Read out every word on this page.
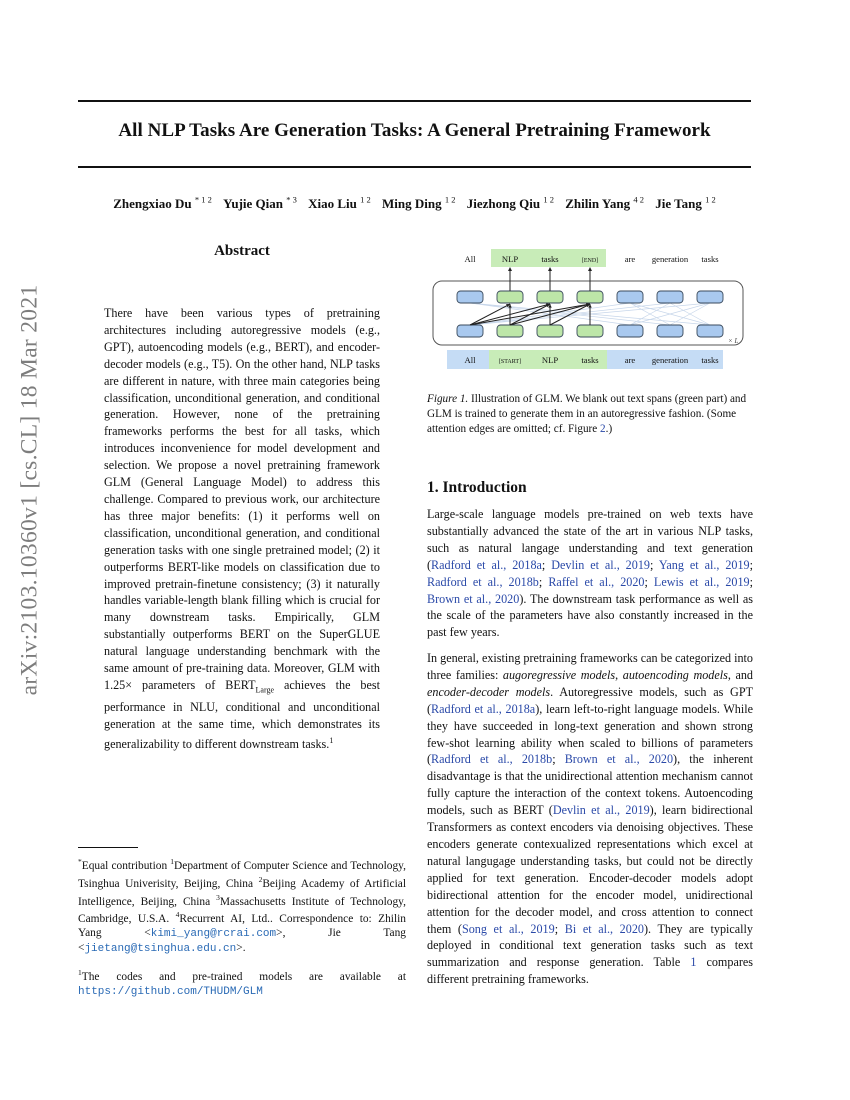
arXiv:2103.10360v1 [cs.CL] 18 Mar 2021
All NLP Tasks Are Generation Tasks: A General Pretraining Framework
Zhengxiao Du $^{* 1 2}$ Yujie Qian $^{* 3}$ Xiao Liu $^{1 2}$ Ming Ding $^{1 2}$ Jiezhong Qiu $^{1 2}$ Zhilin Yang $^{4 2}$ Jie Tang $^{1 2}$
Abstract
There have been various types of pretraining architectures including autoregressive models (e.g., GPT), autoencoding models (e.g., BERT), and encoder-decoder models (e.g., T5). On the other hand, NLP tasks are different in nature, with three main categories being classification, unconditional generation, and conditional generation. However, none of the pretraining frameworks performs the best for all tasks, which introduces inconvenience for model development and selection. We propose a novel pretraining framework GLM (General Language Model) to address this challenge. Compared to previous work, our architecture has three major benefits: (1) it performs well on classification, unconditional generation, and conditional generation tasks with one single pretrained model; (2) it outperforms BERT-like models on classification due to improved pretrain-finetune consistency; (3) it naturally handles variable-length blank filling which is crucial for many downstream tasks. Empirically, GLM substantially outperforms BERT on the SuperGLUE natural language understanding benchmark with the same amount of pre-training data. Moreover, GLM with 1.25× parameters of $BERT_{Large}$ achieves the best performance in NLU, conditional and unconditional generation at the same time, which demonstrates its generalizability to different downstream tasks.$^1$
*Equal contribution $^1$Department of Computer Science and Technology, Tsinghua Univerisity, Beijing, China $^2$Beijing Academy of Artificial Intelligence, Beijing, China $^3$Massachusetts Institute of Technology, Cambridge, U.S.A. $^4$Recurrent AI, Ltd.. Correspondence to: Zhilin Yang <kimi_yang@rcrai.com>, Jie Tang <jietang@tsinghua.edu.cn>.
$^1$The codes and pre-trained models are available at https://github.com/THUDM/GLM
× L
All	NLP	tasks	[END]	are generation tasks
All	[START] NLP	tasks	are generation tasks
Figure 1. Illustration of GLM. We blank out text spans (green part) and GLM is trained to generate them in an autoregressive fashion. (Some attention edges are omitted; cf. Figure 2.)
1. Introduction
Large-scale language models pre-trained on web texts have substantially advanced the state of the art in various NLP tasks, such as natural langage understanding and text generation (Radford et al., 2018a; Devlin et al., 2019; Yang et al., 2019; Radford et al., 2018b; Raffel et al., 2020; Lewis et al., 2019; Brown et al., 2020). The downstream task performance as well as the scale of the parameters have also constantly increased in the past few years.
In general, existing pretraining frameworks can be categorized into three families: augoregressive models, autoencoding models, and encoder-decoder models. Autoregressive models, such as GPT (Radford et al., 2018a), learn left-to-right language models. While they have succeeded in long-text generation and shown strong few-shot learning ability when scaled to billions of parameters (Radford et al., 2018b; Brown et al., 2020), the inherent disadvantage is that the unidirectional attention mechanism cannot fully capture the interaction of the context tokens. Autoencoding models, such as BERT (Devlin et al., 2019), learn bidirectional Transformers as context encoders via denoising objectives. These encoders generate contexualized representations which excel at natural langugage understanding tasks, but could not be directly applied for text generation. Encoder-decoder models adopt bidirectional attention for the encoder model, unidirectional attention for the decoder model, and cross attention to connect them (Song et al., 2019; Bi et al., 2020). They are typically deployed in conditional text generation tasks such as text summarization and response generation. Table 1 compares different pretraining frameworks.
